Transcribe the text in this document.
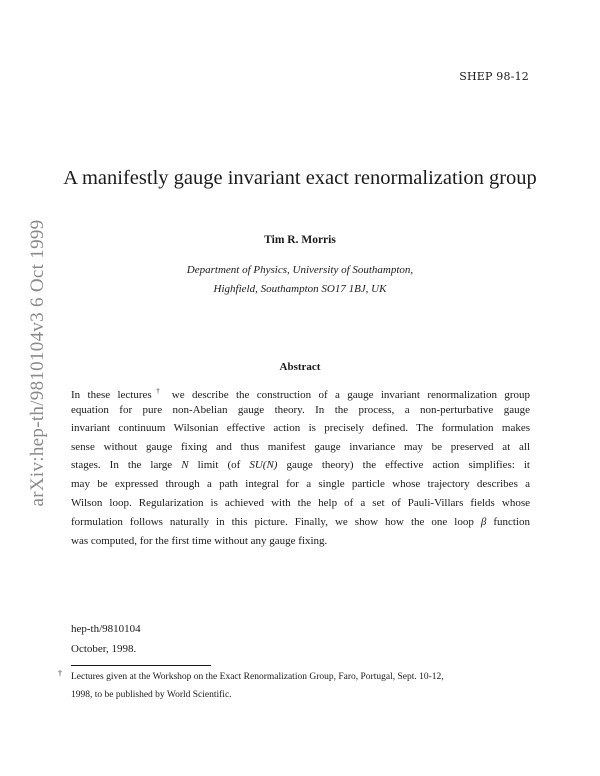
SHEP 98-12
arXiv:hep-th/9810104v3 6 Oct 1999
A manifestly gauge invariant exact renormalization group
Tim R. Morris
Department of Physics, University of Southampton,
Highfield, Southampton SO17 1BJ, UK
Abstract
In these lectures† we describe the construction of a gauge invariant renormalization group
equation for pure non-Abelian gauge theory. In the process, a non-perturbative gauge
invariant continuum Wilsonian effective action is precisely defined. The formulation makes
sense without gauge fixing and thus manifest gauge invariance may be preserved at all
stages. In the large N limit (of SU(N) gauge theory) the effective action simplifies: it
may be expressed through a path integral for a single particle whose trajectory describes a
Wilson loop. Regularization is achieved with the help of a set of Pauli-Villars fields whose
formulation follows naturally in this picture. Finally, we show how the one loop β function
was computed, for the first time without any gauge fixing.
hep-th/9810104
October, 1998.
† Lectures given at the Workshop on the Exact Renormalization Group, Faro, Portugal, Sept. 10-12,
1998, to be published by World Scientific.
